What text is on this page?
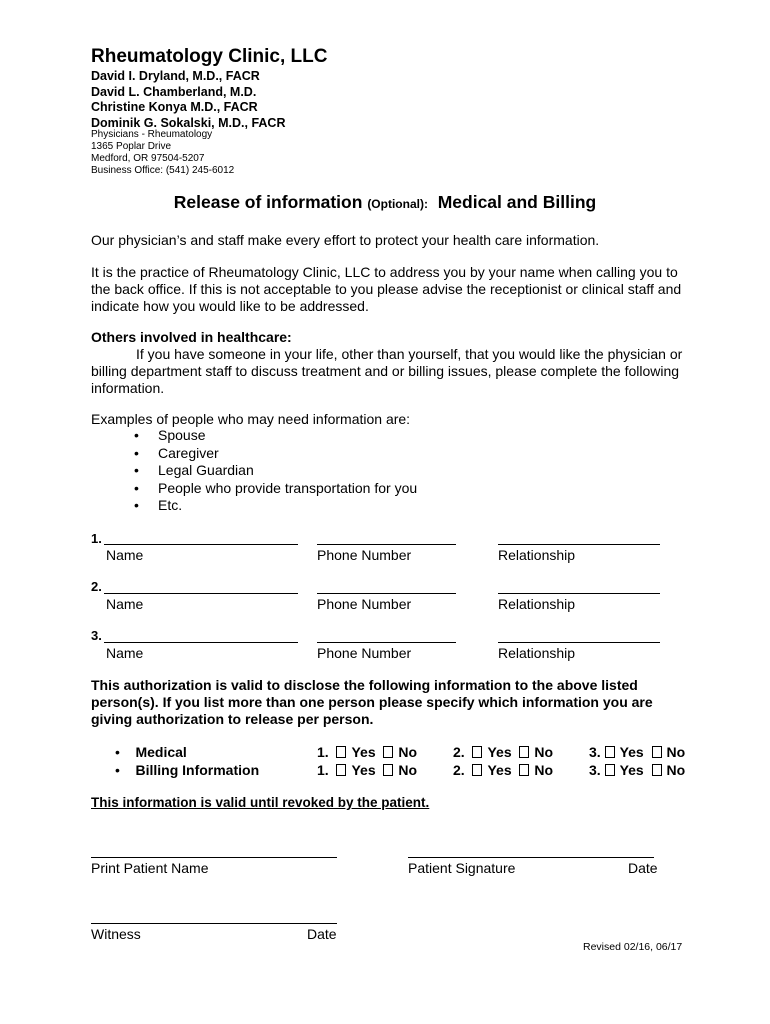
Rheumatology Clinic, LLC
David I. Dryland, M.D., FACR
David L. Chamberland, M.D.
Christine Konya M.D., FACR
Dominik G. Sokalski, M.D., FACR
Physicians - Rheumatology
1365 Poplar Drive
Medford, OR 97504-5207
Business Office: (541) 245-6012
Release of information (Optional): Medical and Billing
Our physician’s and staff make every effort to protect your health care information.
It is the practice of Rheumatology Clinic, LLC to address you by your name when calling you to the back office. If this is not acceptable to you please advise the receptionist or clinical staff and indicate how you would like to be addressed.
Others involved in healthcare:
If you have someone in your life, other than yourself, that you would like the physician or
billing department staff to discuss treatment and or billing issues, please complete the following information.
Examples of people who may need information are:
• Spouse
• Caregiver
• Legal Guardian
• People who provide transportation for you
• Etc.
1.
Name	Phone Number	Relationship
2.
Name	Phone Number	Relationship
3.
Name	Phone Number	Relationship
This authorization is valid to disclose the following information to the above listed person(s). If you list more than one person please specify which information you are giving authorization to release per person.
• Medical	1. Yes No	2. Yes No	3. Yes No
• Billing Information	1. Yes No	2. Yes No	3. Yes No
This information is valid until revoked by the patient.
Print Patient Name	Patient Signature	Date
Witness	Date
Revised 02/16, 06/17
